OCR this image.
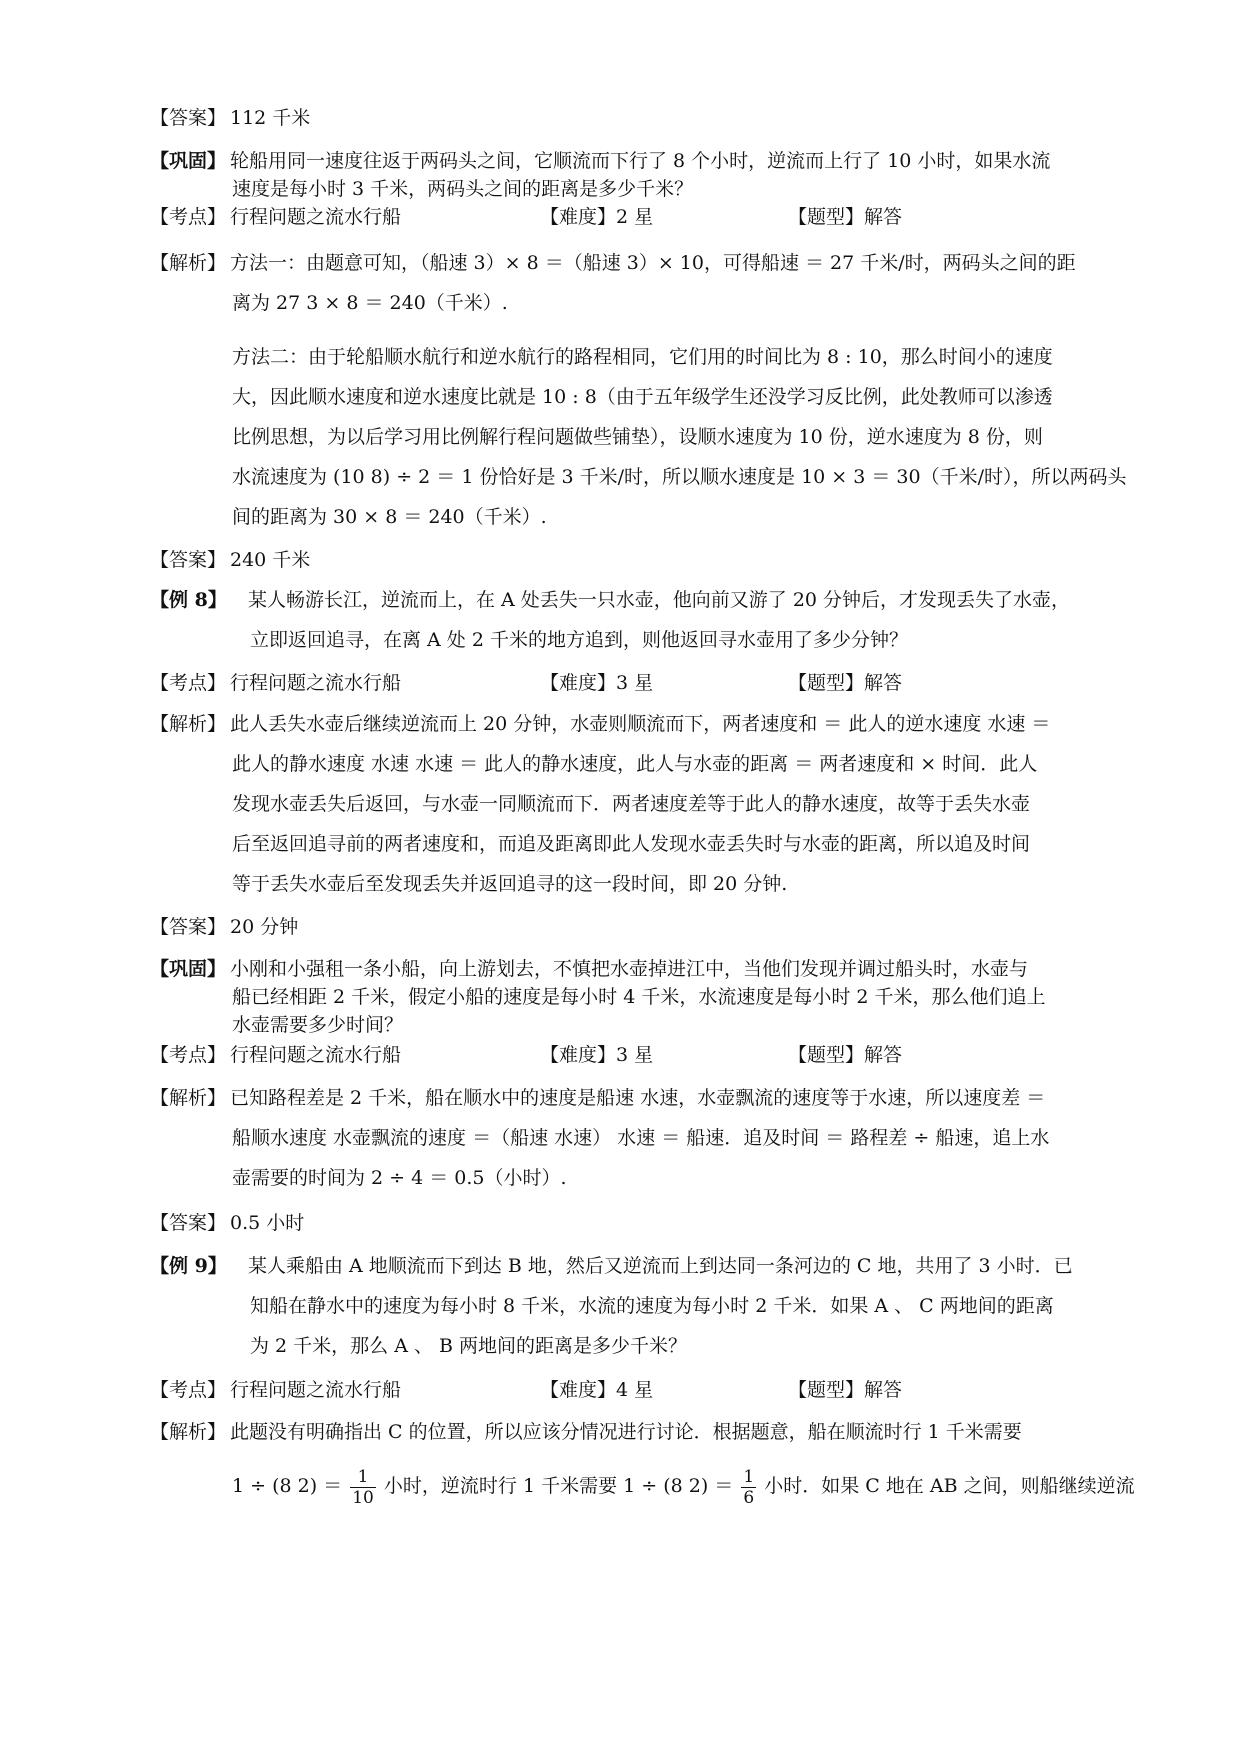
【答案】 112 千米
【巩固】 轮船用同一速度往返于两码头之间，它顺流而下行了 8 个小时，逆流而上行了 10 小时，如果水流
速度是每小时 3 千米，两码头之间的距离是多少千米？
【考点】 行程问题之流水行船	【难度】2 星	【题型】解答
【解析】 方法一：由题意可知，（船速 3）× 8 ＝（船速 3）× 10，可得船速 ＝ 27 千米/时，两码头之间的距
离为 27 3 × 8 ＝ 240（千米）.
方法二：由于轮船顺水航行和逆水航行的路程相同，它们用的时间比为 8 : 10，那么时间小的速度
大，因此顺水速度和逆水速度比就是 10 : 8（由于五年级学生还没学习反比例，此处教师可以渗透
比例思想，为以后学习用比例解行程问题做些铺垫），设顺水速度为 10 份，逆水速度为 8 份，则
水流速度为 (10 8) ÷ 2 ＝ 1 份恰好是 3 千米/时，所以顺水速度是 10 × 3 ＝ 30（千米/时），所以两码头
间的距离为 30 × 8 ＝ 240（千米）.
【答案】 240 千米
【例 8】 某人畅游长江，逆流而上，在 A 处丢失一只水壶，他向前又游了 20 分钟后，才发现丢失了水壶，
立即返回追寻，在离 A 处 2 千米的地方追到，则他返回寻水壶用了多少分钟？
【考点】 行程问题之流水行船	【难度】3 星	【题型】解答
【解析】 此人丢失水壶后继续逆流而上 20 分钟，水壶则顺流而下，两者速度和 ＝ 此人的逆水速度 水速 ＝
此人的静水速度 水速 水速 ＝ 此人的静水速度，此人与水壶的距离 ＝ 两者速度和 × 时间．此人
发现水壶丢失后返回，与水壶一同顺流而下．两者速度差等于此人的静水速度，故等于丢失水壶
后至返回追寻前的两者速度和，而追及距离即此人发现水壶丢失时与水壶的距离，所以追及时间
等于丢失水壶后至发现丢失并返回追寻的这一段时间，即 20 分钟.
【答案】 20 分钟
【巩固】 小刚和小强租一条小船，向上游划去，不慎把水壶掉进江中，当他们发现并调过船头时，水壶与
船已经相距 2 千米，假定小船的速度是每小时 4 千米，水流速度是每小时 2 千米，那么他们追上
水壶需要多少时间？
【考点】 行程问题之流水行船	【难度】3 星	【题型】解答
【解析】 已知路程差是 2 千米，船在顺水中的速度是船速 水速，水壶飘流的速度等于水速，所以速度差 ＝
船顺水速度 水壶飘流的速度 ＝（船速 水速） 水速 ＝ 船速．追及时间 ＝ 路程差 ÷ 船速，追上水
壶需要的时间为 2 ÷ 4 ＝ 0.5（小时）.
【答案】 0.5 小时
【例 9】 某人乘船由 A 地顺流而下到达 B 地，然后又逆流而上到达同一条河边的 C 地，共用了 3 小时．已
知船在静水中的速度为每小时 8 千米，水流的速度为每小时 2 千米．如果 A 、 C 两地间的距离
为 2 千米，那么 A 、 B 两地间的距离是多少千米？
【考点】 行程问题之流水行船	【难度】4 星	【题型】解答
【解析】 此题没有明确指出 C 的位置，所以应该分情况进行讨论．根据题意，船在顺流时行 1 千米需要
1 ÷ (8 $2) = \frac{1}{10}$ 小时，逆流时行 1 千米需要 1 ÷ (8 $2) = \frac{1}{6}$ 小时．如果 C 地在 AB 之间，则船继续逆流
